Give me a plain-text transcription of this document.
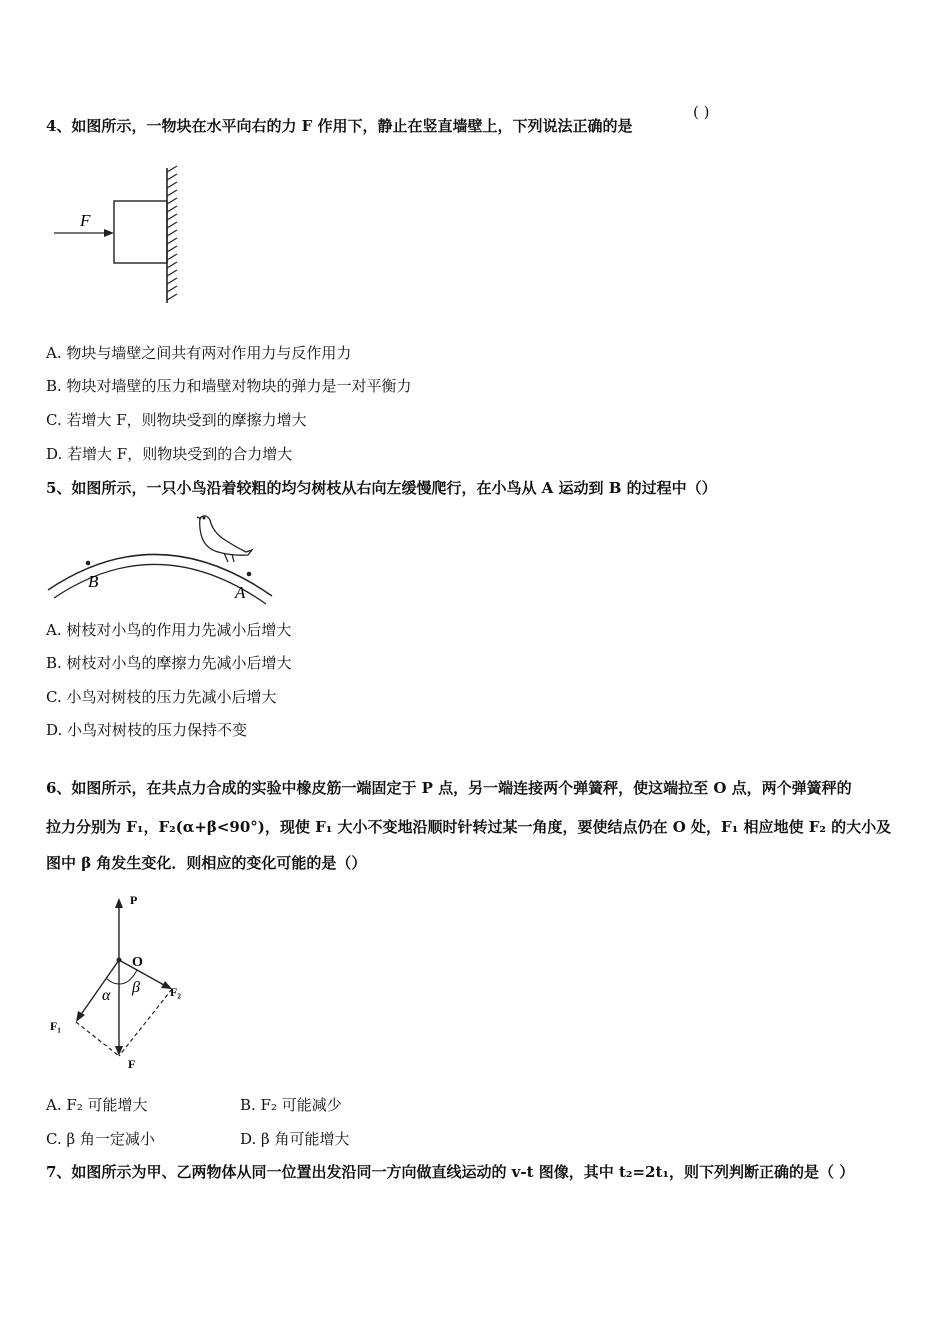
4、如图所示，一物块在水平向右的力 F 作用下，静止在竖直墙壁上，下列说法正确的是
( )
F
A. 物块与墙壁之间共有两对作用力与反作用力
B. 物块对墙壁的压力和墙壁对物块的弹力是一对平衡力
C. 若增大 F，则物块受到的摩擦力增大
D. 若增大 F，则物块受到的合力增大
5、如图所示，一只小鸟沿着较粗的均匀树枝从右向左缓慢爬行，在小鸟从 A 运动到 B 的过程中（）
B
A
A. 树枝对小鸟的作用力先减小后增大
B. 树枝对小鸟的摩擦力先减小后增大
C. 小鸟对树枝的压力先减小后增大
D. 小鸟对树枝的压力保持不变
6、如图所示，在共点力合成的实验中橡皮筋一端固定于 P 点，另一端连接两个弹簧秤，使这端拉至 O 点，两个弹簧秤的
拉力分别为 F₁，F₂(α+β<90°)，现使 F₁ 大小不变地沿顺时针转过某一角度，要使结点仍在 O 处，F₁ 相应地使 F₂ 的大小及
图中 β 角发生变化．则相应的变化可能的是（）
P
O
F
F₁
F₂
α β
A. F₂ 可能增大	B. F₂ 可能减少
C. β 角一定减小	D. β 角可能增大
7、如图所示为甲、乙两物体从同一位置出发沿同一方向做直线运动的 v-t 图像，其中 t₂=2t₁，则下列判断正确的是（ ）
